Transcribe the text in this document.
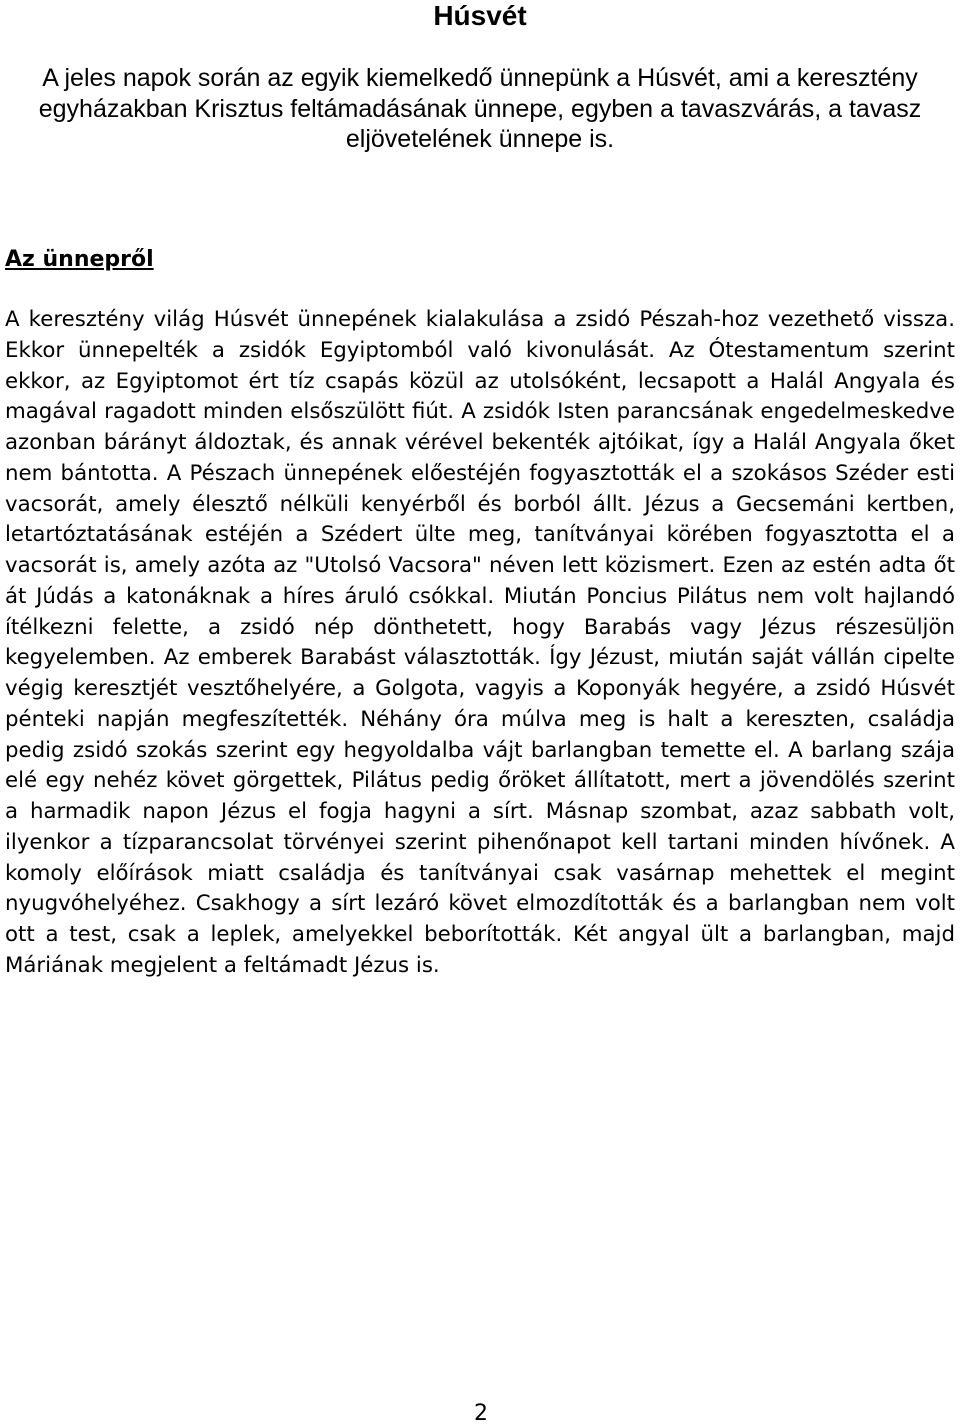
Húsvét

A jeles napok során az egyik kiemelkedő ünnepünk a Húsvét, ami a keresztény egyházakban Krisztus feltámadásának ünnepe, egyben a tavaszvárás, a tavasz eljövetelének ünnepe is.

Az ünnepről

A keresztény világ Húsvét ünnepének kialakulása a zsidó Pészah-hoz vezethető vissza. Ekkor ünnepelték a zsidók Egyiptomból való kivonulását. Az Ótestamentum szerint ekkor, az Egyiptomot ért tíz csapás közül az utolsóként, lecsapott a Halál Angyala és magával ragadott minden elsőszülött fiút. A zsidók Isten parancsának engedelmeskedve azonban bárányt áldoztak, és annak vérével bekenték ajtóikat, így a Halál Angyala őket nem bántotta. A Pészach ünnepének előestéjén fogyasztották el a szokásos Széder esti vacsorát, amely élesztő nélküli kenyérből és borból állt. Jézus a Gecsemáni kertben, letartóztatásának estéjén a Szédert ülte meg, tanítványai körében fogyasztotta el a vacsorát is, amely azóta az "Utolsó Vacsora" néven lett közismert. Ezen az estén adta őt át Júdás a katonáknak a híres áruló csókkal. Miután Poncius Pilátus nem volt hajlandó ítélkezni felette, a zsidó nép dönthetett, hogy Barabás vagy Jézus részesüljön kegyelemben. Az emberek Barabást választották. Így Jézust, miután saját vállán cipelte végig keresztjét vesztőhelyére, a Golgota, vagyis a Koponyák hegyére, a zsidó Húsvét pénteki napján megfeszítették. Néhány óra múlva meg is halt a kereszten, családja pedig zsidó szokás szerint egy hegyoldalba vájt barlangban temette el. A barlang szája elé egy nehéz követ görgettek, Pilátus pedig őröket állítatott, mert a jövendölés szerint a harmadik napon Jézus el fogja hagyni a sírt. Másnap szombat, azaz sabbath volt, ilyenkor a tízparancsolat törvényei szerint pihenőnapot kell tartani minden hívőnek. A komoly előírások miatt családja és tanítványai csak vasárnap mehettek el megint nyugvóhelyéhez. Csakhogy a sírt lezáró követ elmozdították és a barlangban nem volt ott a test, csak a leplek, amelyekkel beborították. Két angyal ült a barlangban, majd Máriának megjelent a feltámadt Jézus is.

2
